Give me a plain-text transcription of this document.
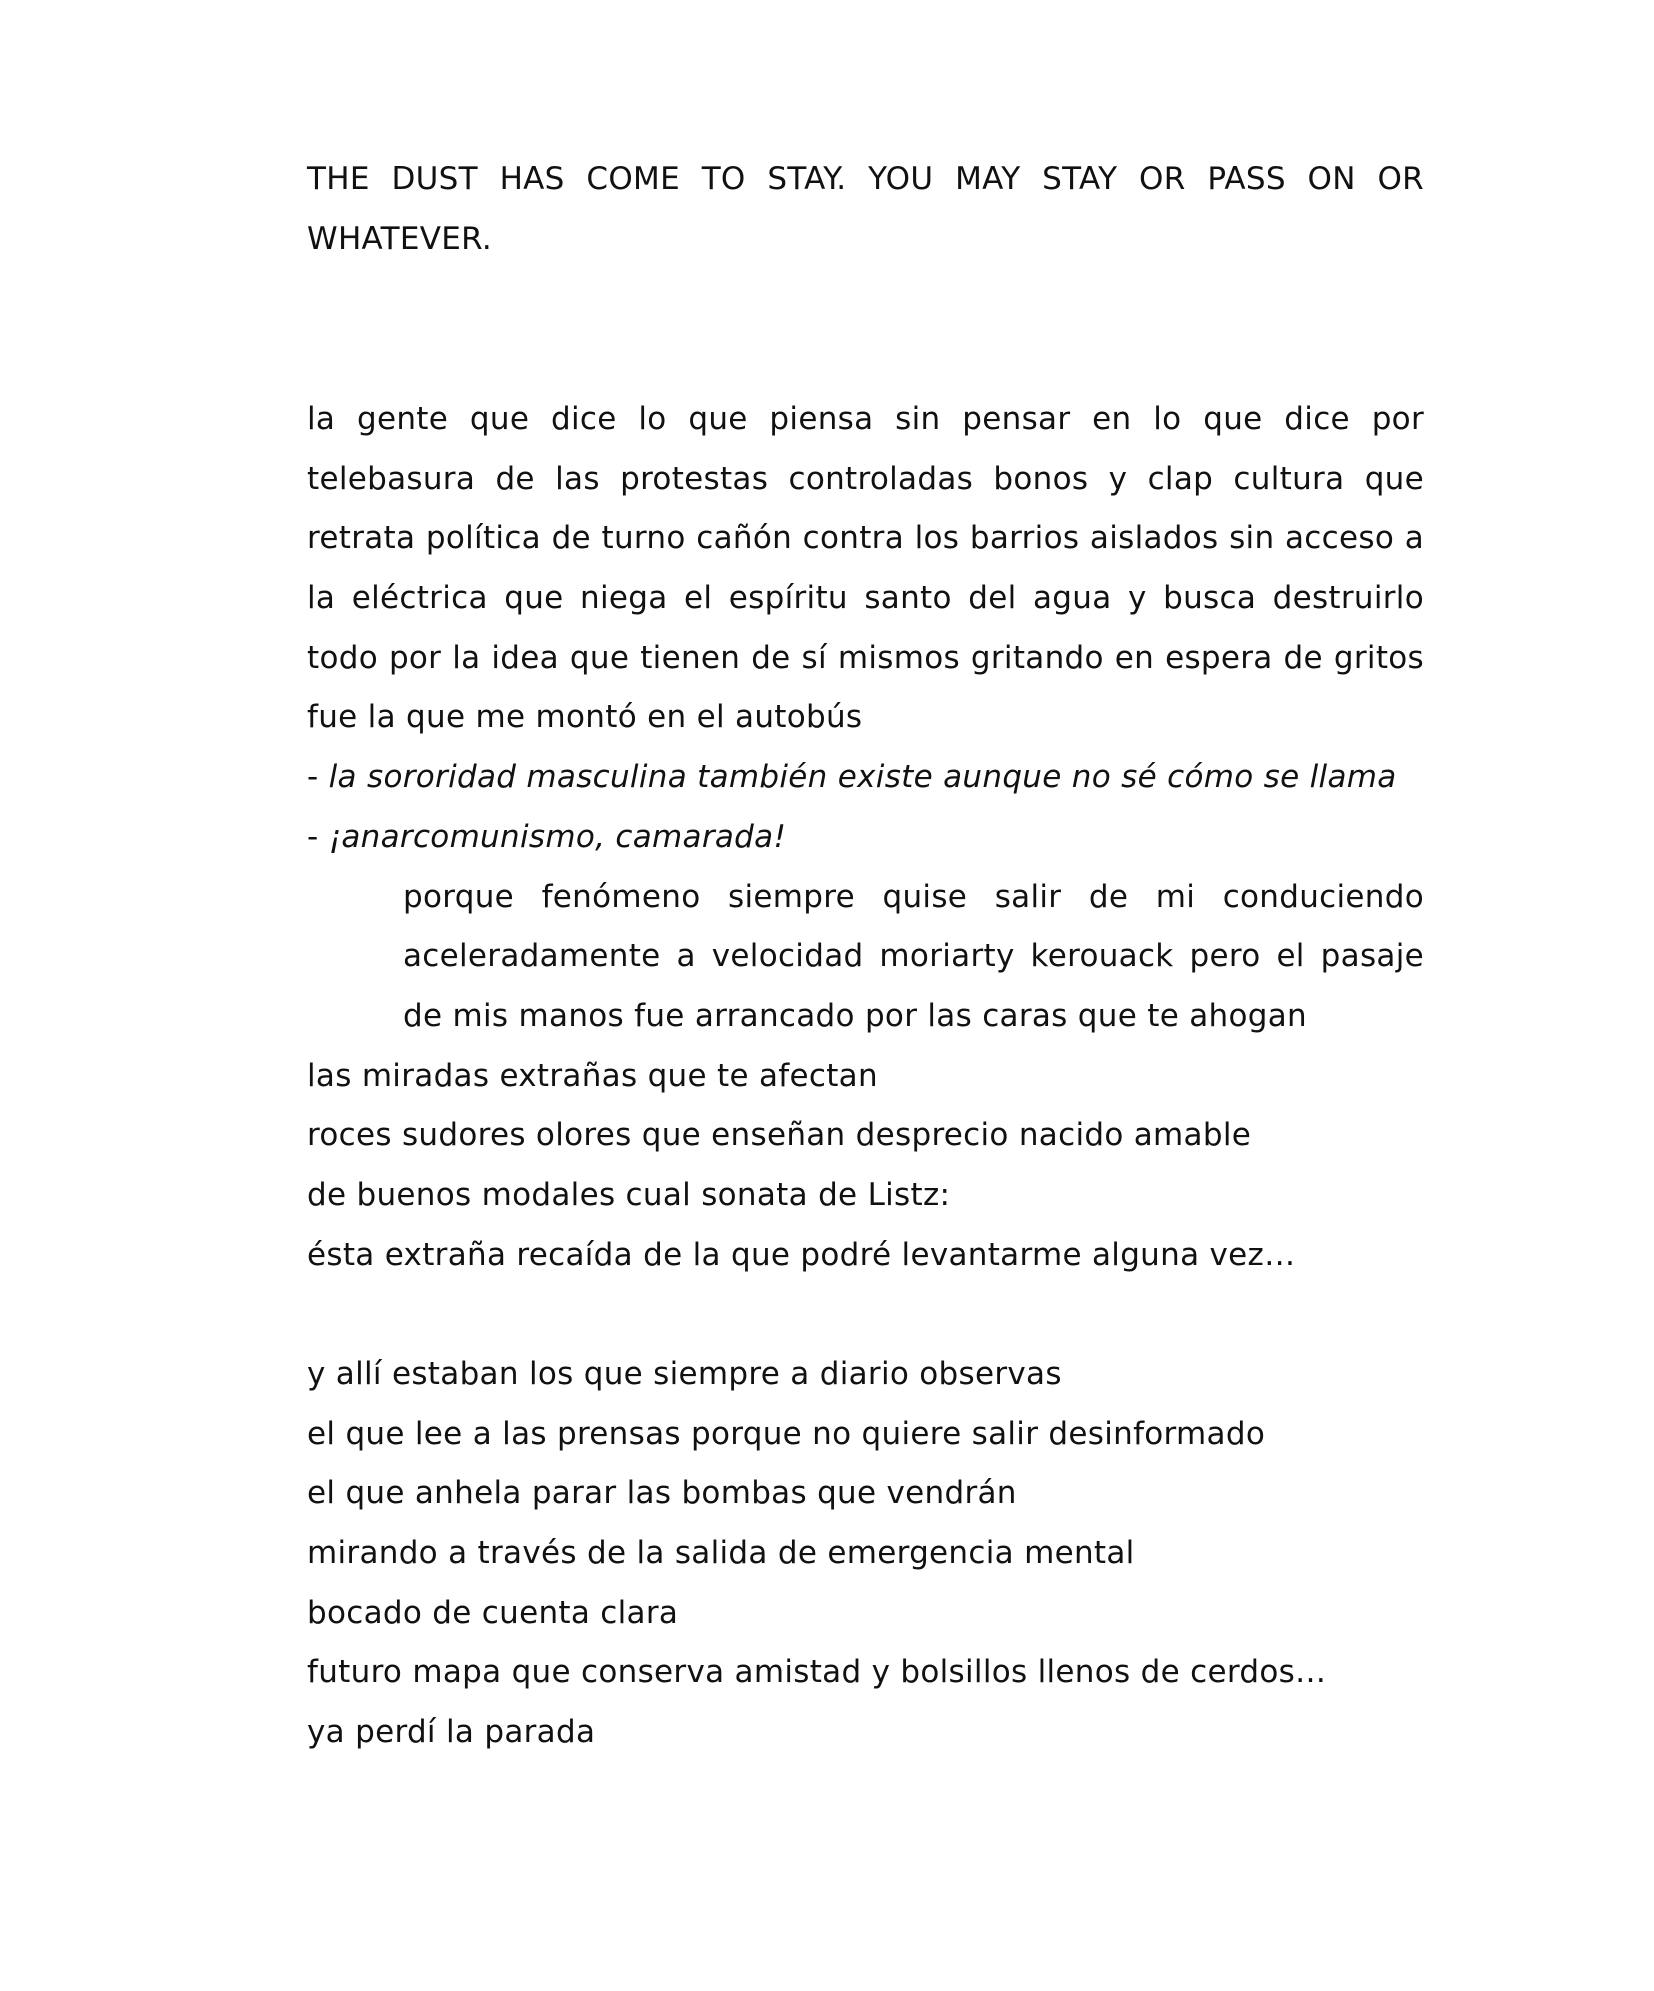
THE DUST HAS COME TO STAY. YOU MAY STAY OR PASS ON OR
WHATEVER.
la gente que dice lo que piensa sin pensar en lo que dice por
telebasura de las protestas controladas bonos y clap cultura que
retrata política de turno cañón contra los barrios aislados sin acceso a
la eléctrica que niega el espíritu santo del agua y busca destruirlo
todo por la idea que tienen de sí mismos gritando en espera de gritos
fue la que me montó en el autobús
- la sororidad masculina también existe aunque no sé cómo se llama
- ¡anarcomunismo, camarada!
porque fenómeno siempre quise salir de mi conduciendo
aceleradamente a velocidad moriarty kerouack pero el pasaje
de mis manos fue arrancado por las caras que te ahogan
las miradas extrañas que te afectan
roces sudores olores que enseñan desprecio nacido amable
de buenos modales cual sonata de Listz:
ésta extraña recaída de la que podré levantarme alguna vez…
y allí estaban los que siempre a diario observas
el que lee a las prensas porque no quiere salir desinformado
el que anhela parar las bombas que vendrán
mirando a través de la salida de emergencia mental
bocado de cuenta clara
futuro mapa que conserva amistad y bolsillos llenos de cerdos…
ya perdí la parada
